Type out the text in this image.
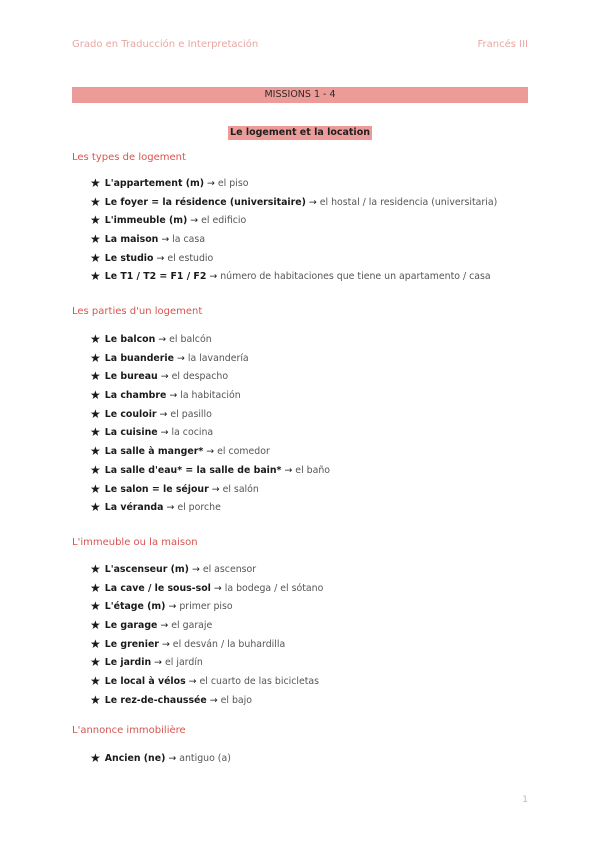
Grado en Traducción e Interpretación	Francés III
MISSIONS 1 - 4
Le logement et la location
Les types de logement
★ L'appartement (m) → el piso
★ Le foyer = la résidence (universitaire) → el hostal / la residencia (universitaria)
★ L'immeuble (m) → el edificio
★ La maison → la casa
★ Le studio → el estudio
★ Le T1 / T2 = F1 / F2 → número de habitaciones que tiene un apartamento / casa
Les parties d'un logement
★ Le balcon → el balcón
★ La buanderie → la lavandería
★ Le bureau → el despacho
★ La chambre → la habitación
★ Le couloir → el pasillo
★ La cuisine → la cocina
★ La salle à manger* → el comedor
★ La salle d'eau* = la salle de bain* → el baño
★ Le salon = le séjour → el salón
★ La véranda → el porche
L'immeuble ou la maison
★ L'ascenseur (m) → el ascensor
★ La cave / le sous-sol → la bodega / el sótano
★ L'étage (m) → primer piso
★ Le garage → el garaje
★ Le grenier → el desván / la buhardilla
★ Le jardin → el jardín
★ Le local à vélos → el cuarto de las bicicletas
★ Le rez-de-chaussée → el bajo
L'annonce immobilière
★ Ancien (ne) → antiguo (a)
1
